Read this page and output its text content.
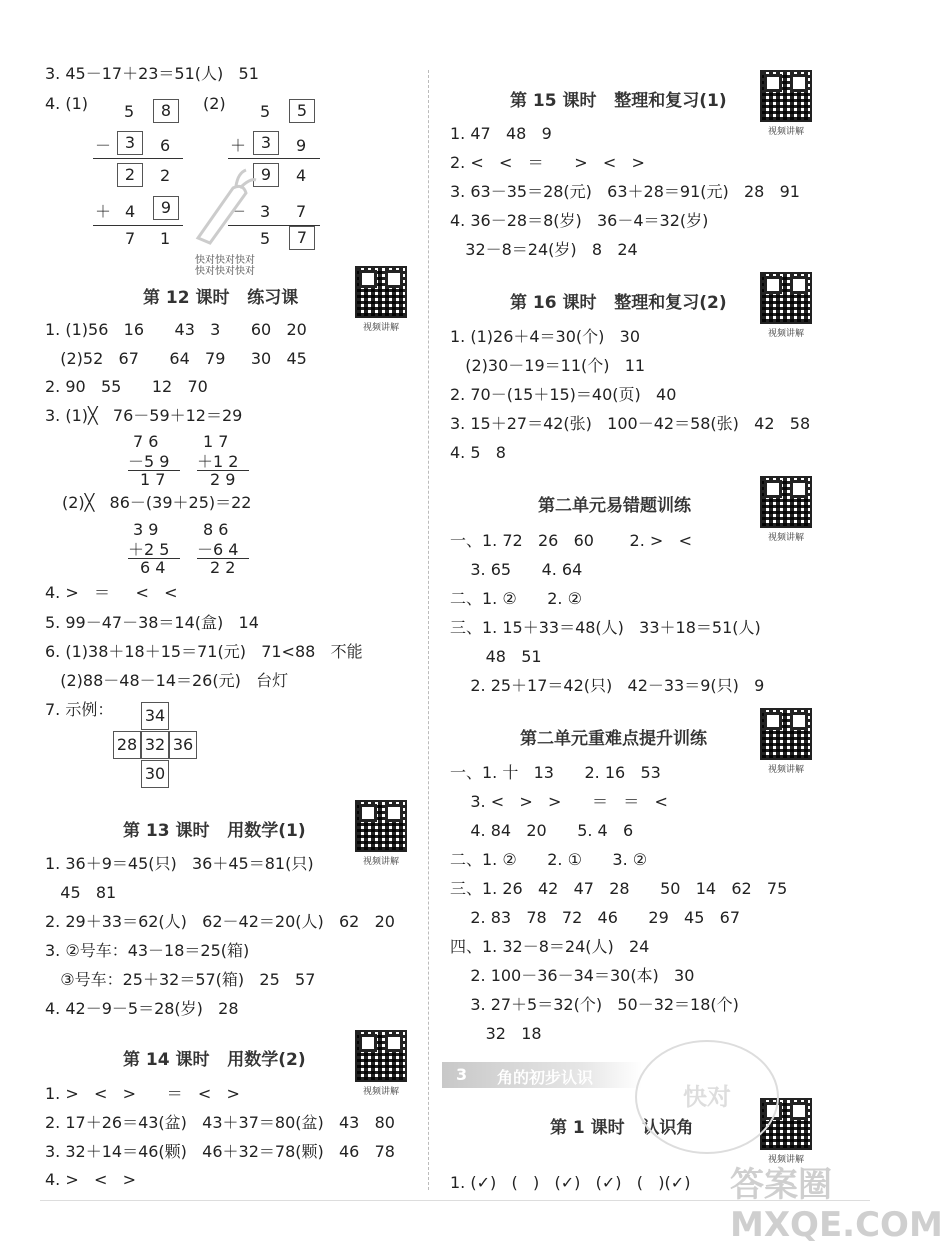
3. 45－17＋23＝51(人)   51
4. (1)	(2)
5	8
－ 3	6
2	2
＋ 4	9
7 1
5	5
＋ 3	9
9	4
－ 3 7
5	7
快对快对快对
快对快对快对
第 12 课时   练习课
视频讲解
1. (1)56   16      43   3      60   20
(2)52   67      64   79     30   45
2. 90   55      12   70
3. (1)╳   76－59＋12＝29
7 6
－5 9
1 7
1 7
＋1 2
2 9
(2)╳   86－(39＋25)＝22
3 9
＋2 5
6 4
8 6
－6 4
2 2
4. >   ＝     <   <
5. 99－47－38＝14(盒)   14
6. (1)38＋18＋15＝71(元)   71<88   不能
(2)88－48－14＝26(元)   台灯
7. 示例： 34
28 32 36
30
第 13 课时   用数学(1)
视频讲解
1. 36＋9＝45(只)   36＋45＝81(只)
45   81
2. 29＋33＝62(人)   62－42＝20(人)   62   20
3. ②号车：43－18＝25(箱)
③号车：25＋32＝57(箱)   25   57
4. 42－9－5＝28(岁)   28
第 14 课时   用数学(2)
视频讲解
1. >   <   >      ＝   <   >
2. 17＋26＝43(盆)   43＋37＝80(盆)   43   80
3. 32＋14＝46(颗)   46＋32＝78(颗)   46   78
4. >   <   >
第 15 课时   整理和复习(1)
视频讲解
1. 47   48   9
2. <   <   ＝      >   <   >
3. 63－35＝28(元)   63＋28＝91(元)   28   91
4. 36－28＝8(岁)   36－4＝32(岁)
32－8＝24(岁)   8   24
第 16 课时   整理和复习(2)
视频讲解
1. (1)26＋4＝30(个)   30
(2)30－19＝11(个)   11
2. 70－(15＋15)＝40(页)   40
3. 15＋27＝42(张)   100－42＝58(张)   42   58
4. 5   8
第二单元易错题训练
视频讲解
一、1. 72   26   60       2. >   <
3. 65      4. 64
二、1. ②      2. ②
三、1. 15＋33＝48(人)   33＋18＝51(人)
48   51
2. 25＋17＝42(只)   42－33＝9(只)   9
第二单元重难点提升训练
视频讲解
一、1. 十   13      2. 16   53
3. <   >   >      ＝   ＝   <
4. 84   20      5. 4   6
二、1. ②      2. ①      3. ②
三、1. 26   42   47   28      50   14   62   75
2. 83   78   72   46      29   45   67
四、1. 32－8＝24(人)   24
2. 100－36－34＝30(本)   30
3. 27＋5＝32(个)   50－32＝18(个)
32   18
3 角的初步认识
第 1 课时   认识角
视频讲解
1. (✓)   (   )   (✓)   (✓)   (   )(✓)
快对
答案圈
MXQE.COM
